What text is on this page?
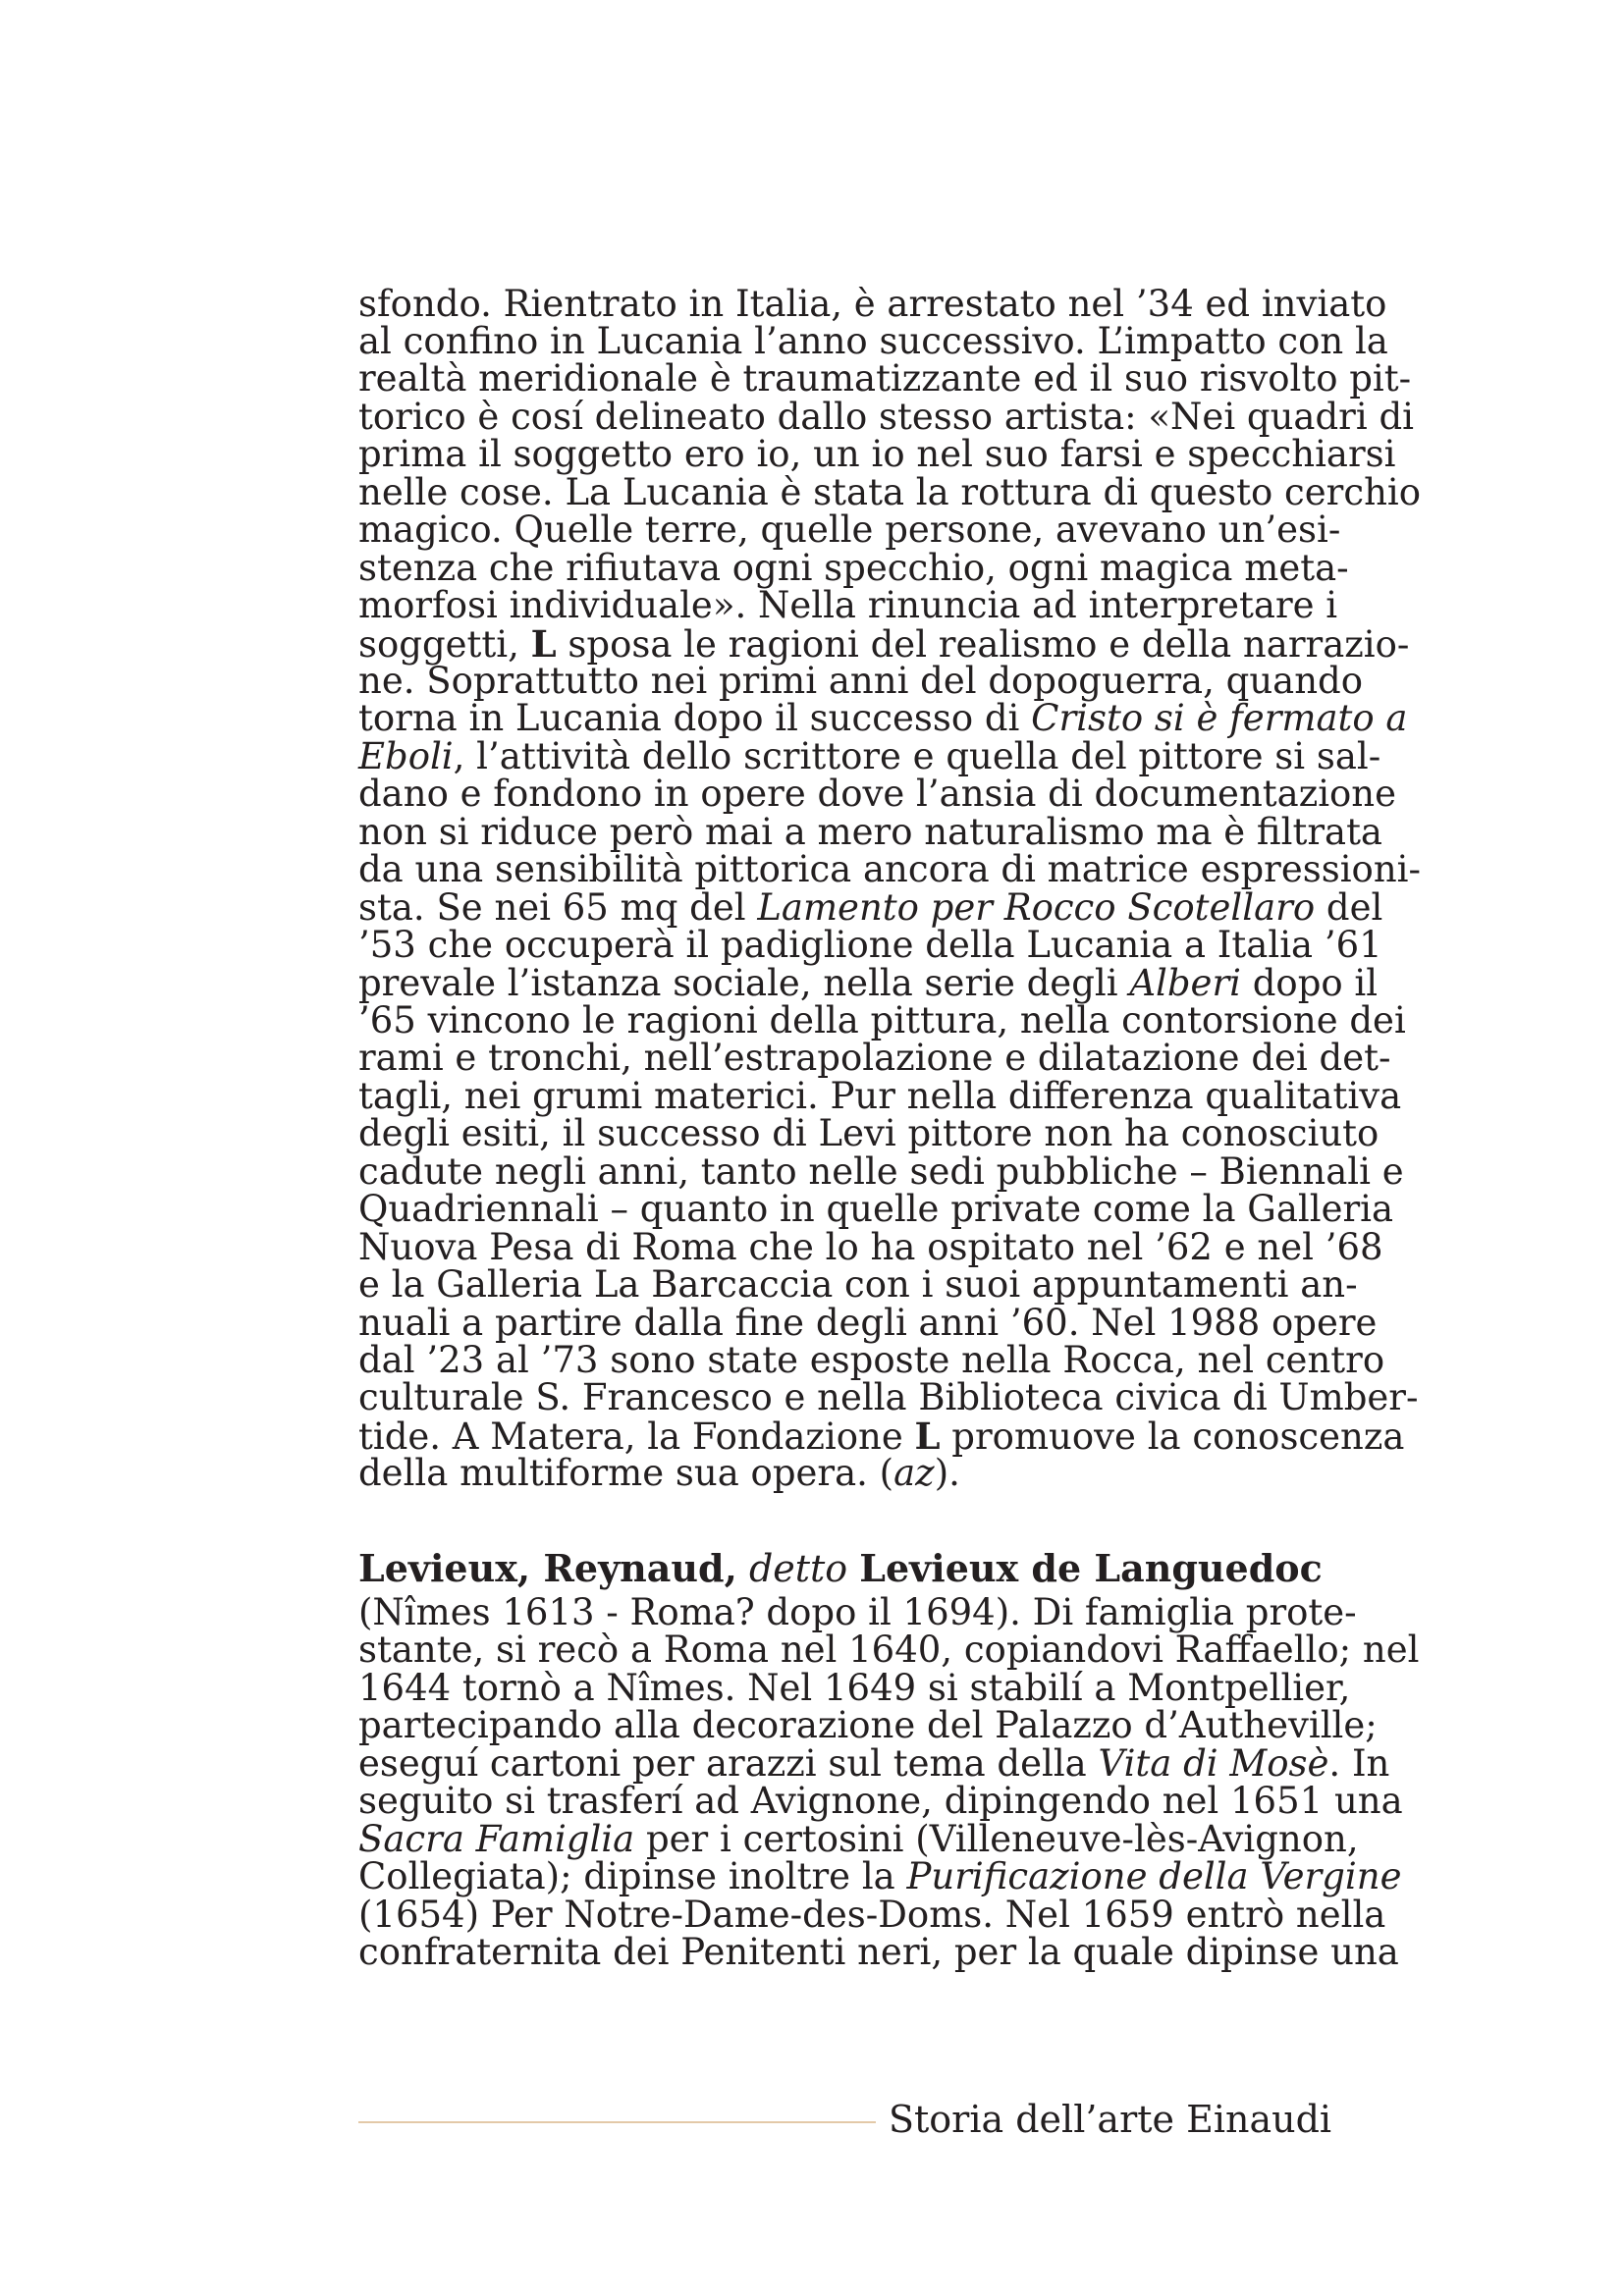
sfondo. Rientrato in Italia, è arrestato nel ’34 ed inviato
al confino in Lucania l’anno successivo. L’impatto con la
realtà meridionale è traumatizzante ed il suo risvolto pit-
torico è cosí delineato dallo stesso artista: «Nei quadri di
prima il soggetto ero io, un io nel suo farsi e specchiarsi
nelle cose. La Lucania è stata la rottura di questo cerchio
magico. Quelle terre, quelle persone, avevano un’esi-
stenza che rifiutava ogni specchio, ogni magica meta-
morfosi individuale». Nella rinuncia ad interpretare i
soggetti, L sposa le ragioni del realismo e della narrazio-
ne. Soprattutto nei primi anni del dopoguerra, quando
torna in Lucania dopo il successo di Cristo si è fermato a
Eboli, l’attività dello scrittore e quella del pittore si sal-
dano e fondono in opere dove l’ansia di documentazione
non si riduce però mai a mero naturalismo ma è filtrata
da una sensibilità pittorica ancora di matrice espressioni-
sta. Se nei 65 mq del Lamento per Rocco Scotellaro del
’53 che occuperà il padiglione della Lucania a Italia ’61
prevale l’istanza sociale, nella serie degli Alberi dopo il
’65 vincono le ragioni della pittura, nella contorsione dei
rami e tronchi, nell’estrapolazione e dilatazione dei det-
tagli, nei grumi materici. Pur nella differenza qualitativa
degli esiti, il successo di Levi pittore non ha conosciuto
cadute negli anni, tanto nelle sedi pubbliche – Biennali e
Quadriennali – quanto in quelle private come la Galleria
Nuova Pesa di Roma che lo ha ospitato nel ’62 e nel ’68
e la Galleria La Barcaccia con i suoi appuntamenti an-
nuali a partire dalla fine degli anni ’60. Nel 1988 opere
dal ’23 al ’73 sono state esposte nella Rocca, nel centro
culturale S. Francesco e nella Biblioteca civica di Umber-
tide. A Matera, la Fondazione L promuove la conoscenza
della multiforme sua opera. (az).
Levieux, Reynaud, detto Levieux de Languedoc
(Nîmes 1613 - Roma? dopo il 1694). Di famiglia prote-
stante, si recò a Roma nel 1640, copiandovi Raffaello; nel
1644 tornò a Nîmes. Nel 1649 si stabilí a Montpellier,
partecipando alla decorazione del Palazzo d’Autheville;
eseguí cartoni per arazzi sul tema della Vita di Mosè. In
seguito si trasferí ad Avignone, dipingendo nel 1651 una
Sacra Famiglia per i certosini (Villeneuve-lès-Avignon,
Collegiata); dipinse inoltre la Purificazione della Vergine
(1654) Per Notre-Dame-des-Doms. Nel 1659 entrò nella
confraternita dei Penitenti neri, per la quale dipinse una
Storia dell’arte Einaudi
